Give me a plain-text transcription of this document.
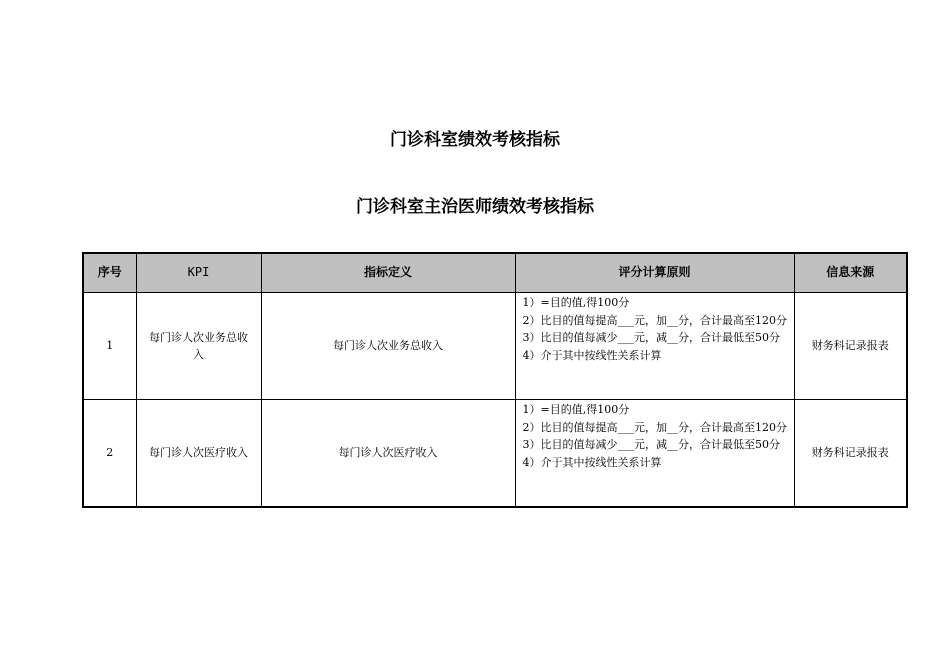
门诊科室绩效考核指标
门诊科室主治医师绩效考核指标
序号	KPI	指标定义	评分计算原则	信息来源
1	每门诊人次业务总收入	每门诊人次业务总收入	1）=目的值,得100分
2）比目的值每提高___元，加__分，合计最高至120分
3）比目的值每减少___元，减__分，合计最低至50分
4）介于其中按线性关系计算	财务科记录报表
2	每门诊人次医疗收入	每门诊人次医疗收入	1）=目的值,得100分
2）比目的值每提高___元，加__分，合计最高至120分
3）比目的值每减少___元，减__分，合计最低至50分
4）介于其中按线性关系计算	财务科记录报表
